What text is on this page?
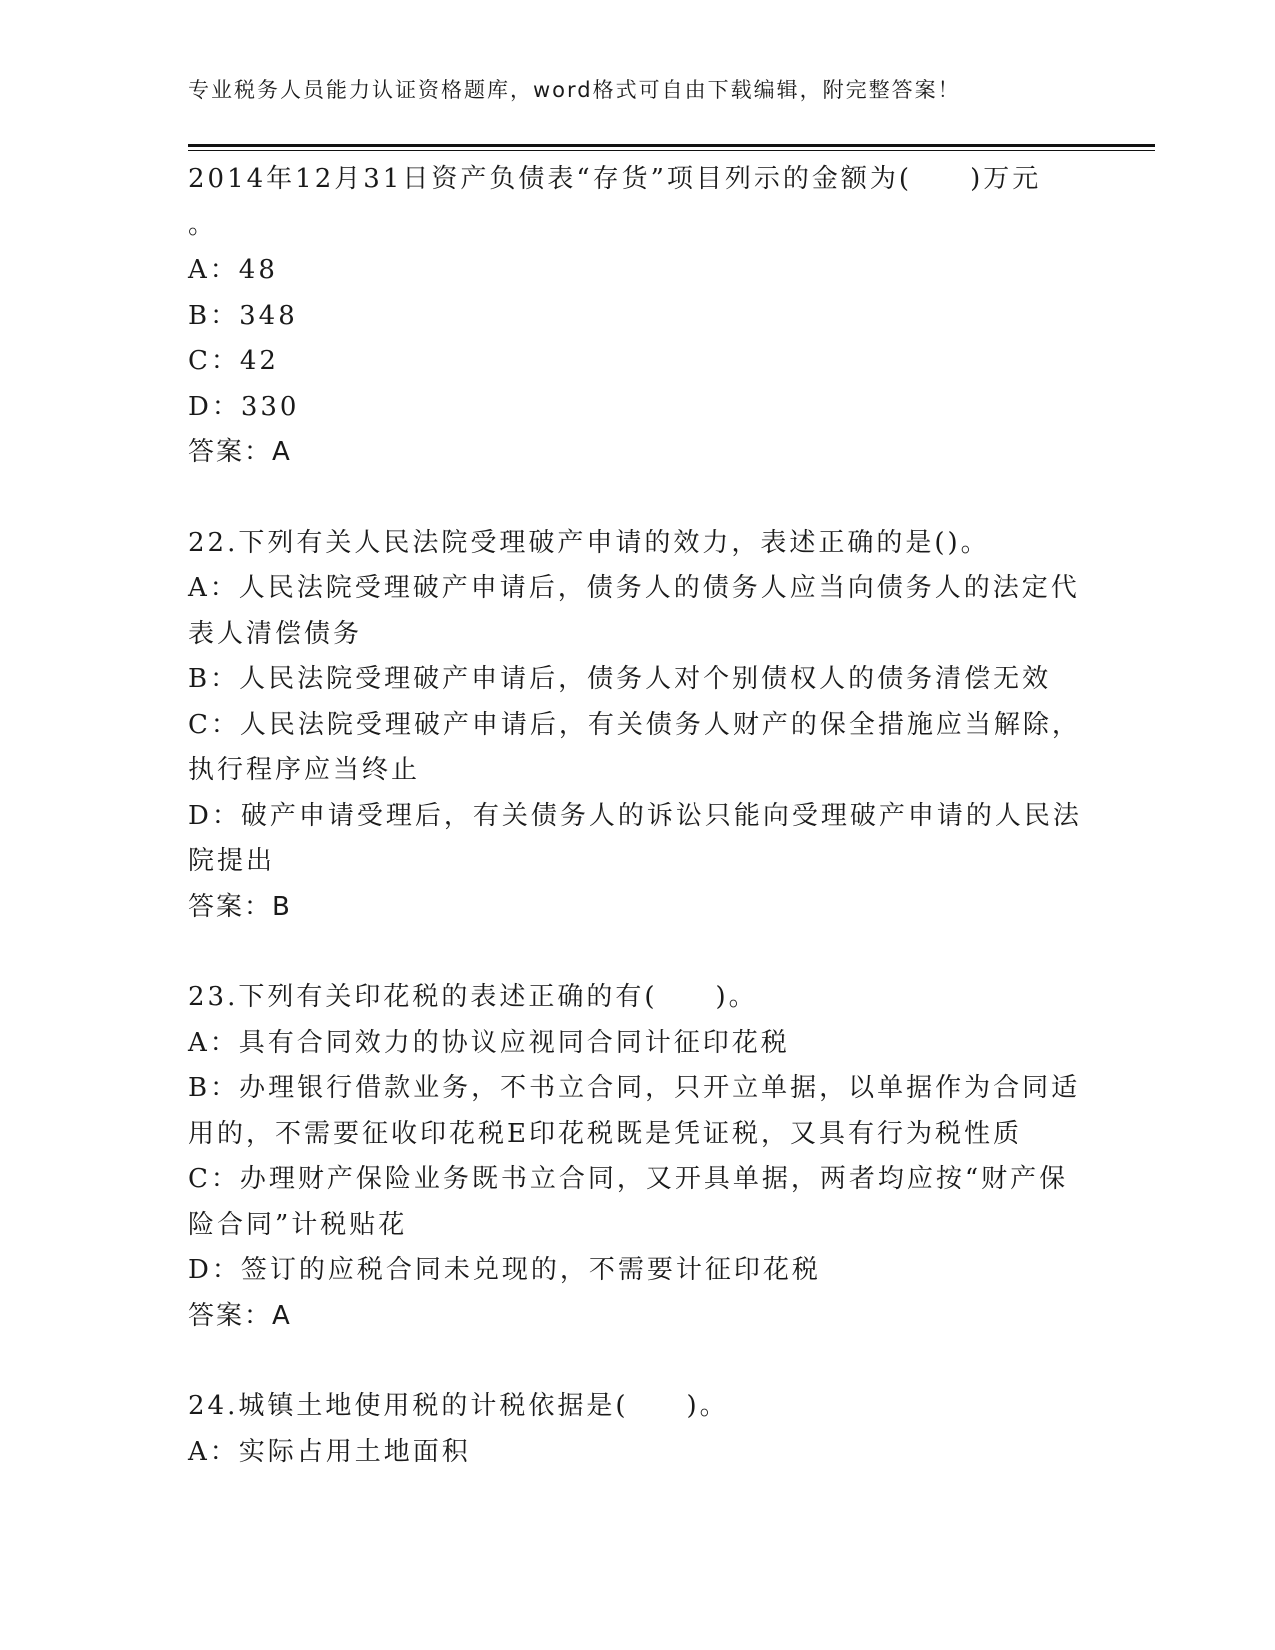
专业税务人员能力认证资格题库，word格式可自由下载编辑，附完整答案！
2014年12月31日资产负债表“存货”项目列示的金额为(　　)万元
。
A：48
B：348
C：42
D：330
答案：A
22.下列有关人民法院受理破产申请的效力，表述正确的是()。
A：人民法院受理破产申请后，债务人的债务人应当向债务人的法定代
表人清偿债务
B：人民法院受理破产申请后，债务人对个别债权人的债务清偿无效
C：人民法院受理破产申请后，有关债务人财产的保全措施应当解除，
执行程序应当终止
D：破产申请受理后，有关债务人的诉讼只能向受理破产申请的人民法
院提出
答案：B
23.下列有关印花税的表述正确的有(　　)。
A：具有合同效力的协议应视同合同计征印花税
B：办理银行借款业务，不书立合同，只开立单据，以单据作为合同适
用的，不需要征收印花税E印花税既是凭证税，又具有行为税性质
C：办理财产保险业务既书立合同，又开具单据，两者均应按“财产保
险合同”计税贴花
D：签订的应税合同未兑现的，不需要计征印花税
答案：A
24.城镇土地使用税的计税依据是(　　)。
A：实际占用土地面积
